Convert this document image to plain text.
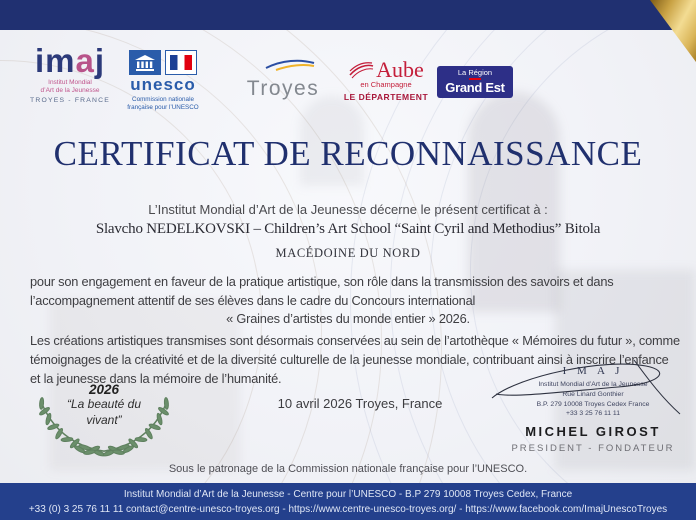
imaj
Institut Mondial
d’Art de la Jeunesse
TROYES - FRANCE
unesco
Commission nationale
française pour l’UNESCO
Troyes
Aube
en Champagne
LE DÉPARTEMENT
La Région
Grand Est
CERTIFICAT DE RECONNAISSANCE
L’Institut Mondial d’Art de la Jeunesse décerne le présent certificat à :
Slavcho NEDELKOVSKI – Children’s Art School “Saint Cyril and Methodius” Bitola
MACÉDOINE DU NORD
pour son engagement en faveur de la pratique artistique, son rôle dans la transmission des savoirs et dans l’accompagnement attentif de ses élèves dans le cadre du Concours international
« Graines d’artistes du monde entier » 2026.
Les créations artistiques transmises sont désormais conservées au sein de l’artothèque « Mémoires du futur », comme témoignages de la créativité et de la diversité culturelle de la jeunesse mondiale, contribuant ainsi à inscrire l’enfance et la jeunesse dans la mémoire de l’humanité.
2026
“La beauté du
vivant”
10 avril 2026 Troyes, France
I M A J
Institut Mondial d’Art de la Jeunesse
Rue Linard Gonthier
B.P. 279 10008 Troyes Cedex France
+33 3 25 76 11 11
MICHEL GIROST
PRESIDENT - FONDATEUR
Sous le patronage de la Commission nationale française pour l’UNESCO.
Institut Mondial d’Art de la Jeunesse - Centre pour l’UNESCO - B.P 279 10008 Troyes Cedex, France
+33 (0) 3 25 76 11 11 contact@centre-unesco-troyes.org - https://www.centre-unesco-troyes.org/ - https://www.facebook.com/ImajUnescoTroyes
